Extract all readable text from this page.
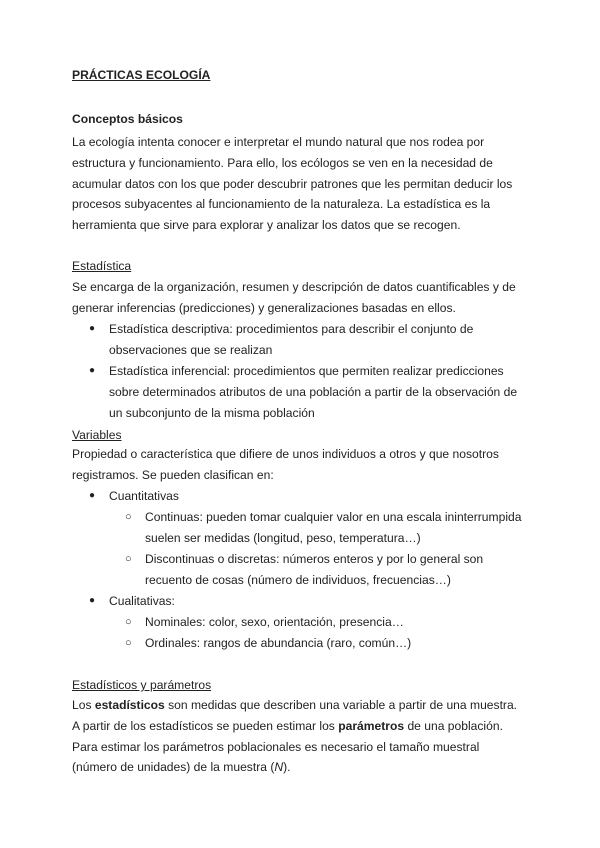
PRÁCTICAS ECOLOGÍA
Conceptos básicos

La ecología intenta conocer e interpretar el mundo natural que nos rodea por

estructura y funcionamiento. Para ello, los ecólogos se ven en la necesidad de

acumular datos con los que poder descubrir patrones que les permitan deducir los

procesos subyacentes al funcionamiento de la naturaleza. La estadística es la

herramienta que sirve para explorar y analizar los datos que se recogen.

Estadística

Se encarga de la organización, resumen y descripción de datos cuantificables y de

generar inferencias (predicciones) y generalizaciones basadas en ellos.

● Estadística descriptiva: procedimientos para describir el conjunto de

observaciones que se realizan

● Estadística inferencial: procedimientos que permiten realizar predicciones

sobre determinados atributos de una población a partir de la observación de

un subconjunto de la misma población

Variables

Propiedad o característica que difiere de unos individuos a otros y que nosotros

registramos. Se pueden clasifican en:

● Cuantitativas

○ Continuas: pueden tomar cualquier valor en una escala ininterrumpida

suelen ser medidas (longitud, peso, temperatura…)

○ Discontinuas o discretas: números enteros y por lo general son

recuento de cosas (número de individuos, frecuencias…)

● Cualitativas:

○ Nominales: color, sexo, orientación, presencia…

○ Ordinales: rangos de abundancia (raro, común…)

Estadísticos y parámetros

Los estadísticos son medidas que describen una variable a partir de una muestra.

A partir de los estadísticos se pueden estimar los parámetros de una población.

Para estimar los parámetros poblacionales es necesario el tamaño muestral

(número de unidades) de la muestra (N).
